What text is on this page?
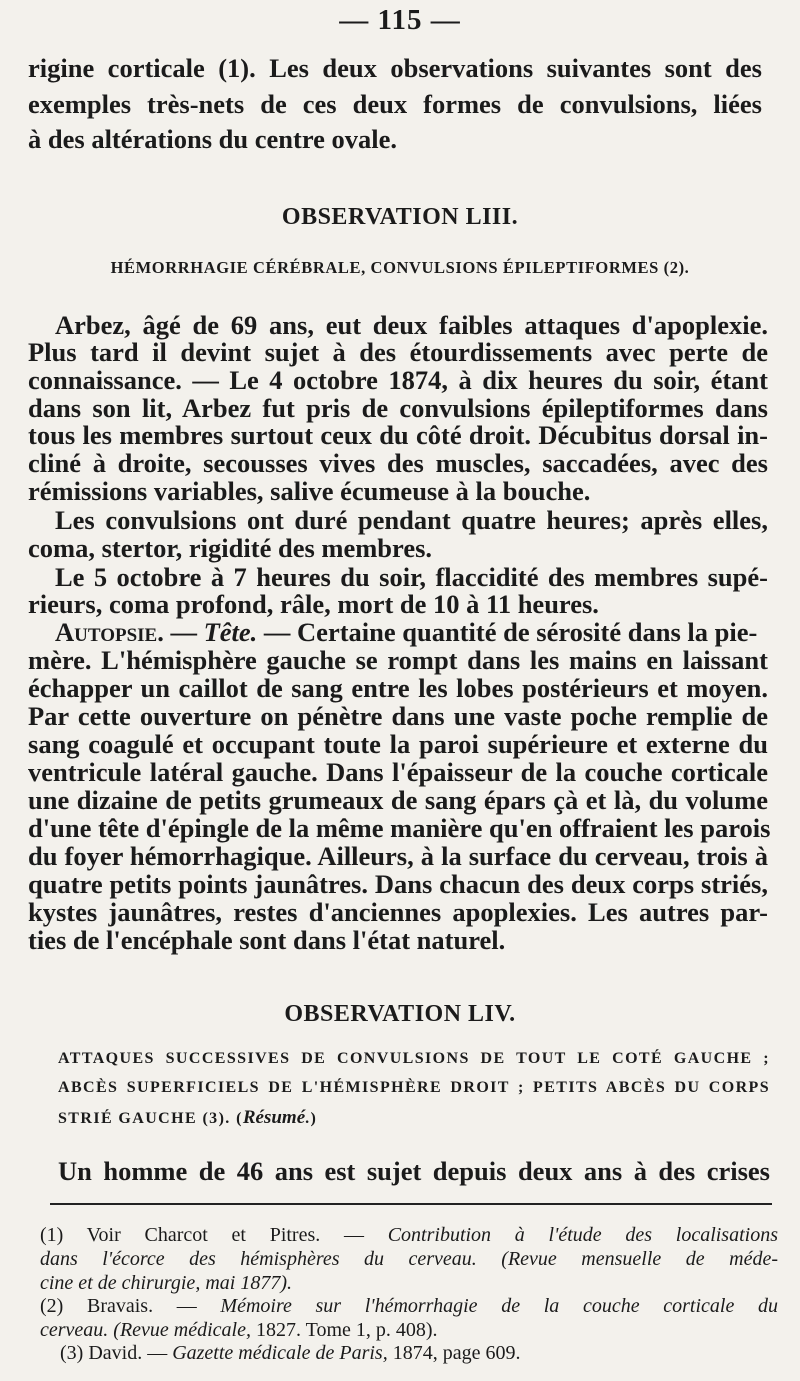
— 115 —
rigine corticale (1). Les deux observations suivantes sont des
exemples très-nets de ces deux formes de convulsions, liées
à des altérations du centre ovale.
OBSERVATION LIII.
HÉMORRHAGIE CÉRÉBRALE, CONVULSIONS ÉPILEPTIFORMES (2).
Arbez, âgé de 69 ans, eut deux faibles attaques d'apoplexie.
Plus tard il devint sujet à des étourdissements avec perte de
connaissance. — Le 4 octobre 1874, à dix heures du soir, étant
dans son lit, Arbez fut pris de convulsions épileptiformes dans
tous les membres surtout ceux du côté droit. Décubitus dorsal in-
cliné à droite, secousses vives des muscles, saccadées, avec des
rémissions variables, salive écumeuse à la bouche.
Les convulsions ont duré pendant quatre heures; après elles,
coma, stertor, rigidité des membres.
Le 5 octobre à 7 heures du soir, flaccidité des membres supé-
rieurs, coma profond, râle, mort de 10 à 11 heures.
Autopsie. — Tête. — Certaine quantité de sérosité dans la pie-
mère. L'hémisphère gauche se rompt dans les mains en laissant
échapper un caillot de sang entre les lobes postérieurs et moyen.
Par cette ouverture on pénètre dans une vaste poche remplie de
sang coagulé et occupant toute la paroi supérieure et externe du
ventricule latéral gauche. Dans l'épaisseur de la couche corticale
une dizaine de petits grumeaux de sang épars çà et là, du volume
d'une tête d'épingle de la même manière qu'en offraient les parois
du foyer hémorrhagique. Ailleurs, à la surface du cerveau, trois à
quatre petits points jaunâtres. Dans chacun des deux corps striés,
kystes jaunâtres, restes d'anciennes apoplexies. Les autres par-
ties de l'encéphale sont dans l'état naturel.
OBSERVATION LIV.
ATTAQUES SUCCESSIVES DE CONVULSIONS DE TOUT LE COTÉ GAUCHE ;
ABCÈS SUPERFICIELS DE L'HÉMISPHÈRE DROIT ; PETITS ABCÈS DU CORPS
STRIÉ GAUCHE (3). (Résumé.)
Un homme de 46 ans est sujet depuis deux ans à des crises
(1) Voir Charcot et Pitres. — Contribution à l'étude des localisations
dans l'écorce des hémisphères du cerveau. (Revue mensuelle de méde-
cine et de chirurgie, mai 1877).
(2) Bravais. — Mémoire sur l'hémorrhagie de la couche corticale du
cerveau. (Revue médicale, 1827. Tome 1, p. 408).
(3) David. — Gazette médicale de Paris, 1874, page 609.
